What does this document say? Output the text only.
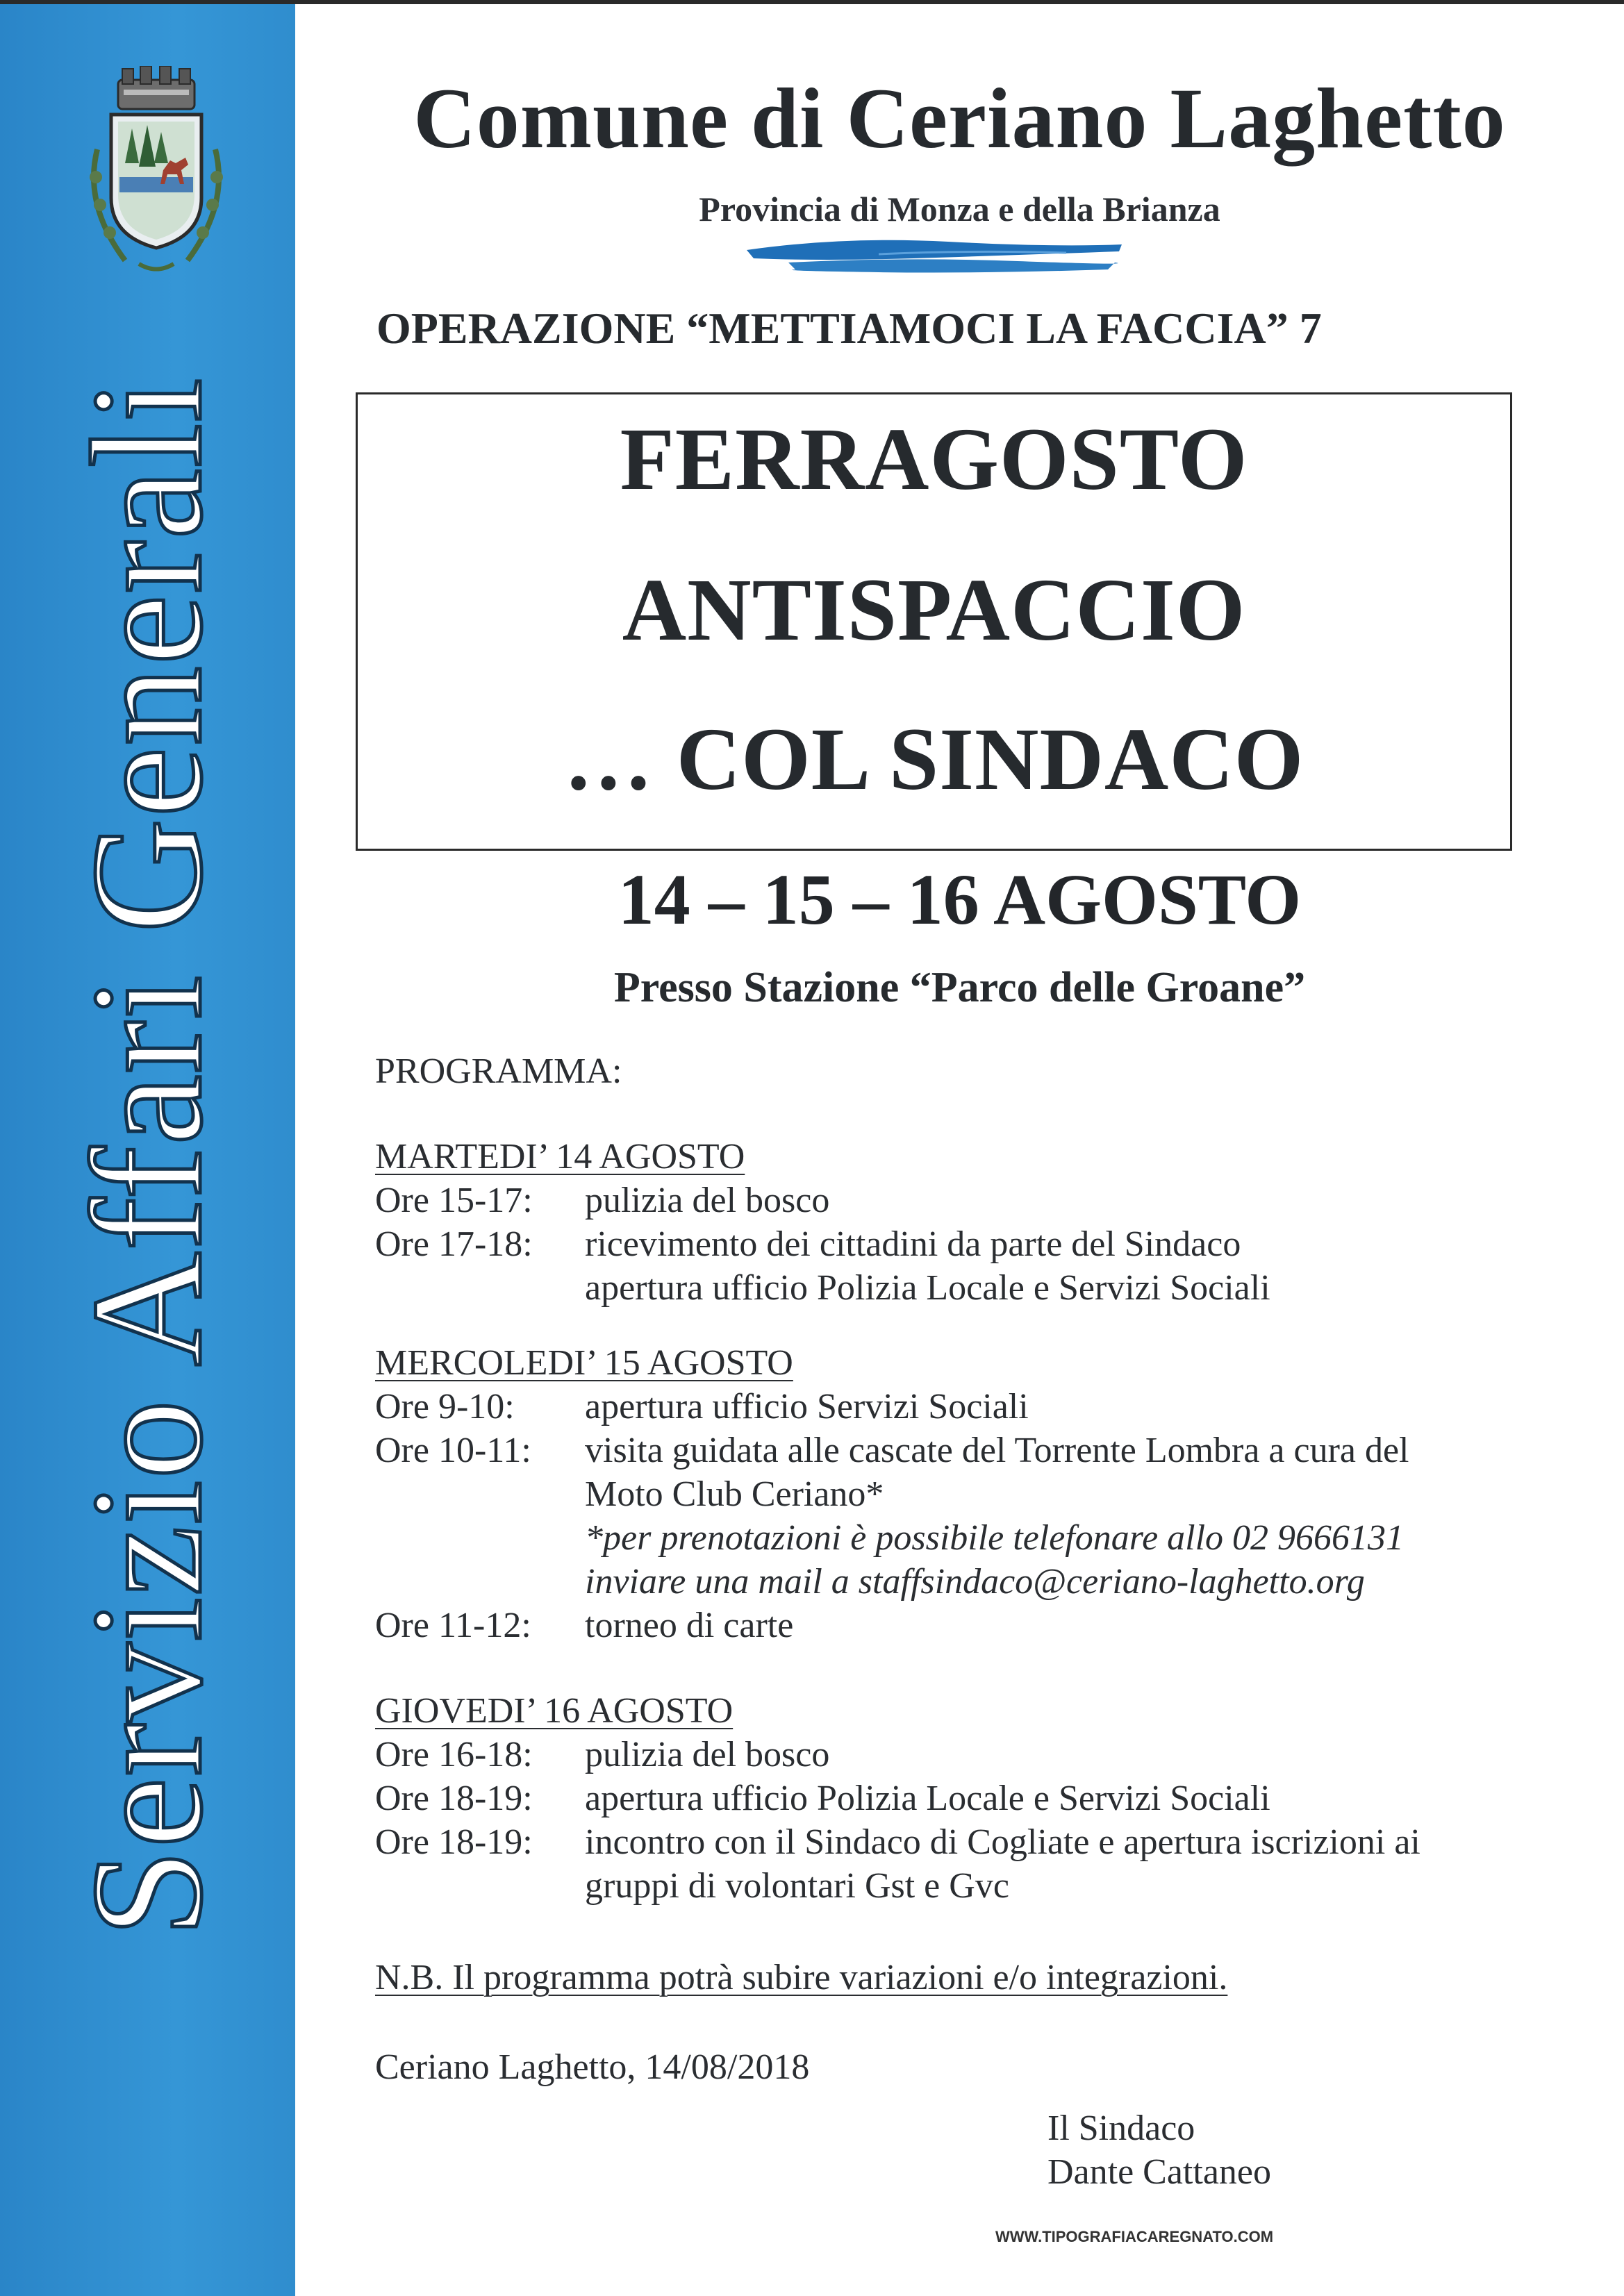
Servizio Affari Generali
Comune di Ceriano Laghetto
Provincia di Monza e della Brianza
OPERAZIONE “METTIAMOCI LA FACCIA” 7
FERRAGOSTO
ANTISPACCIO
… COL SINDACO
14 – 15 – 16 AGOSTO
Presso Stazione “Parco delle Groane”
PROGRAMMA:
MARTEDI’ 14 AGOSTO
Ore 15-17: pulizia del bosco
Ore 17-18: ricevimento dei cittadini da parte del Sindaco
apertura ufficio Polizia Locale e Servizi Sociali
MERCOLEDI’ 15 AGOSTO
Ore 9-10: apertura ufficio Servizi Sociali
Ore 10-11: visita guidata alle cascate del Torrente Lombra a cura del
Moto Club Ceriano*
*per prenotazioni è possibile telefonare allo 02 9666131
inviare una mail a staffsindaco@ceriano-laghetto.org
Ore 11-12: torneo di carte
GIOVEDI’ 16 AGOSTO
Ore 16-18: pulizia del bosco
Ore 18-19: apertura ufficio Polizia Locale e Servizi Sociali
Ore 18-19: incontro con il Sindaco di Cogliate e apertura iscrizioni ai
gruppi di volontari Gst e Gvc
N.B. Il programma potrà subire variazioni e/o integrazioni.
Ceriano Laghetto, 14/08/2018
Il Sindaco
Dante Cattaneo
WWW.TIPOGRAFIACAREGNATO.COM
